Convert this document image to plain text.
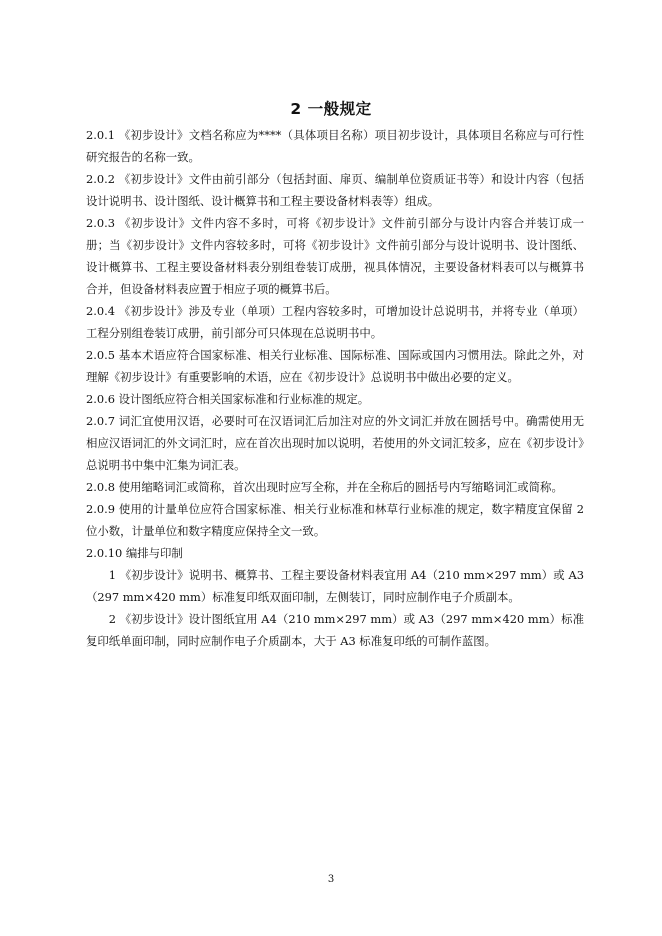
2 一般规定

2.0.1 《初步设计》文档名称应为****（具体项目名称）项目初步设计，具体项目名称应与可行性研究报告的名称一致。

2.0.2 《初步设计》文件由前引部分（包括封面、扉页、编制单位资质证书等）和设计内容（包括设计说明书、设计图纸、设计概算书和工程主要设备材料表等）组成。

2.0.3 《初步设计》文件内容不多时，可将《初步设计》文件前引部分与设计内容合并装订成一册；当《初步设计》文件内容较多时，可将《初步设计》文件前引部分与设计说明书、设计图纸、设计概算书、工程主要设备材料表分别组卷装订成册，视具体情况，主要设备材料表可以与概算书合并，但设备材料表应置于相应子项的概算书后。

2.0.4 《初步设计》涉及专业（单项）工程内容较多时，可增加设计总说明书，并将专业（单项）工程分别组卷装订成册，前引部分可只体现在总说明书中。

2.0.5 基本术语应符合国家标准、相关行业标准、国际标准、国际或国内习惯用法。除此之外，对理解《初步设计》有重要影响的术语，应在《初步设计》总说明书中做出必要的定义。

2.0.6 设计图纸应符合相关国家标准和行业标准的规定。

2.0.7 词汇宜使用汉语，必要时可在汉语词汇后加注对应的外文词汇并放在圆括号中。确需使用无相应汉语词汇的外文词汇时，应在首次出现时加以说明，若使用的外文词汇较多，应在《初步设计》总说明书中集中汇集为词汇表。

2.0.8 使用缩略词汇或简称，首次出现时应写全称，并在全称后的圆括号内写缩略词汇或简称。

2.0.9 使用的计量单位应符合国家标准、相关行业标准和林草行业标准的规定，数字精度宜保留 2 位小数，计量单位和数字精度应保持全文一致。

2.0.10 编排与印制

1 《初步设计》说明书、概算书、工程主要设备材料表宜用 A4（210 mm×297 mm）或 A3（297 mm×420 mm）标准复印纸双面印制，左侧装订，同时应制作电子介质副本。

2 《初步设计》设计图纸宜用 A4（210 mm×297 mm）或 A3（297 mm×420 mm）标准复印纸单面印制，同时应制作电子介质副本，大于 A3 标准复印纸的可制作蓝图。

3
